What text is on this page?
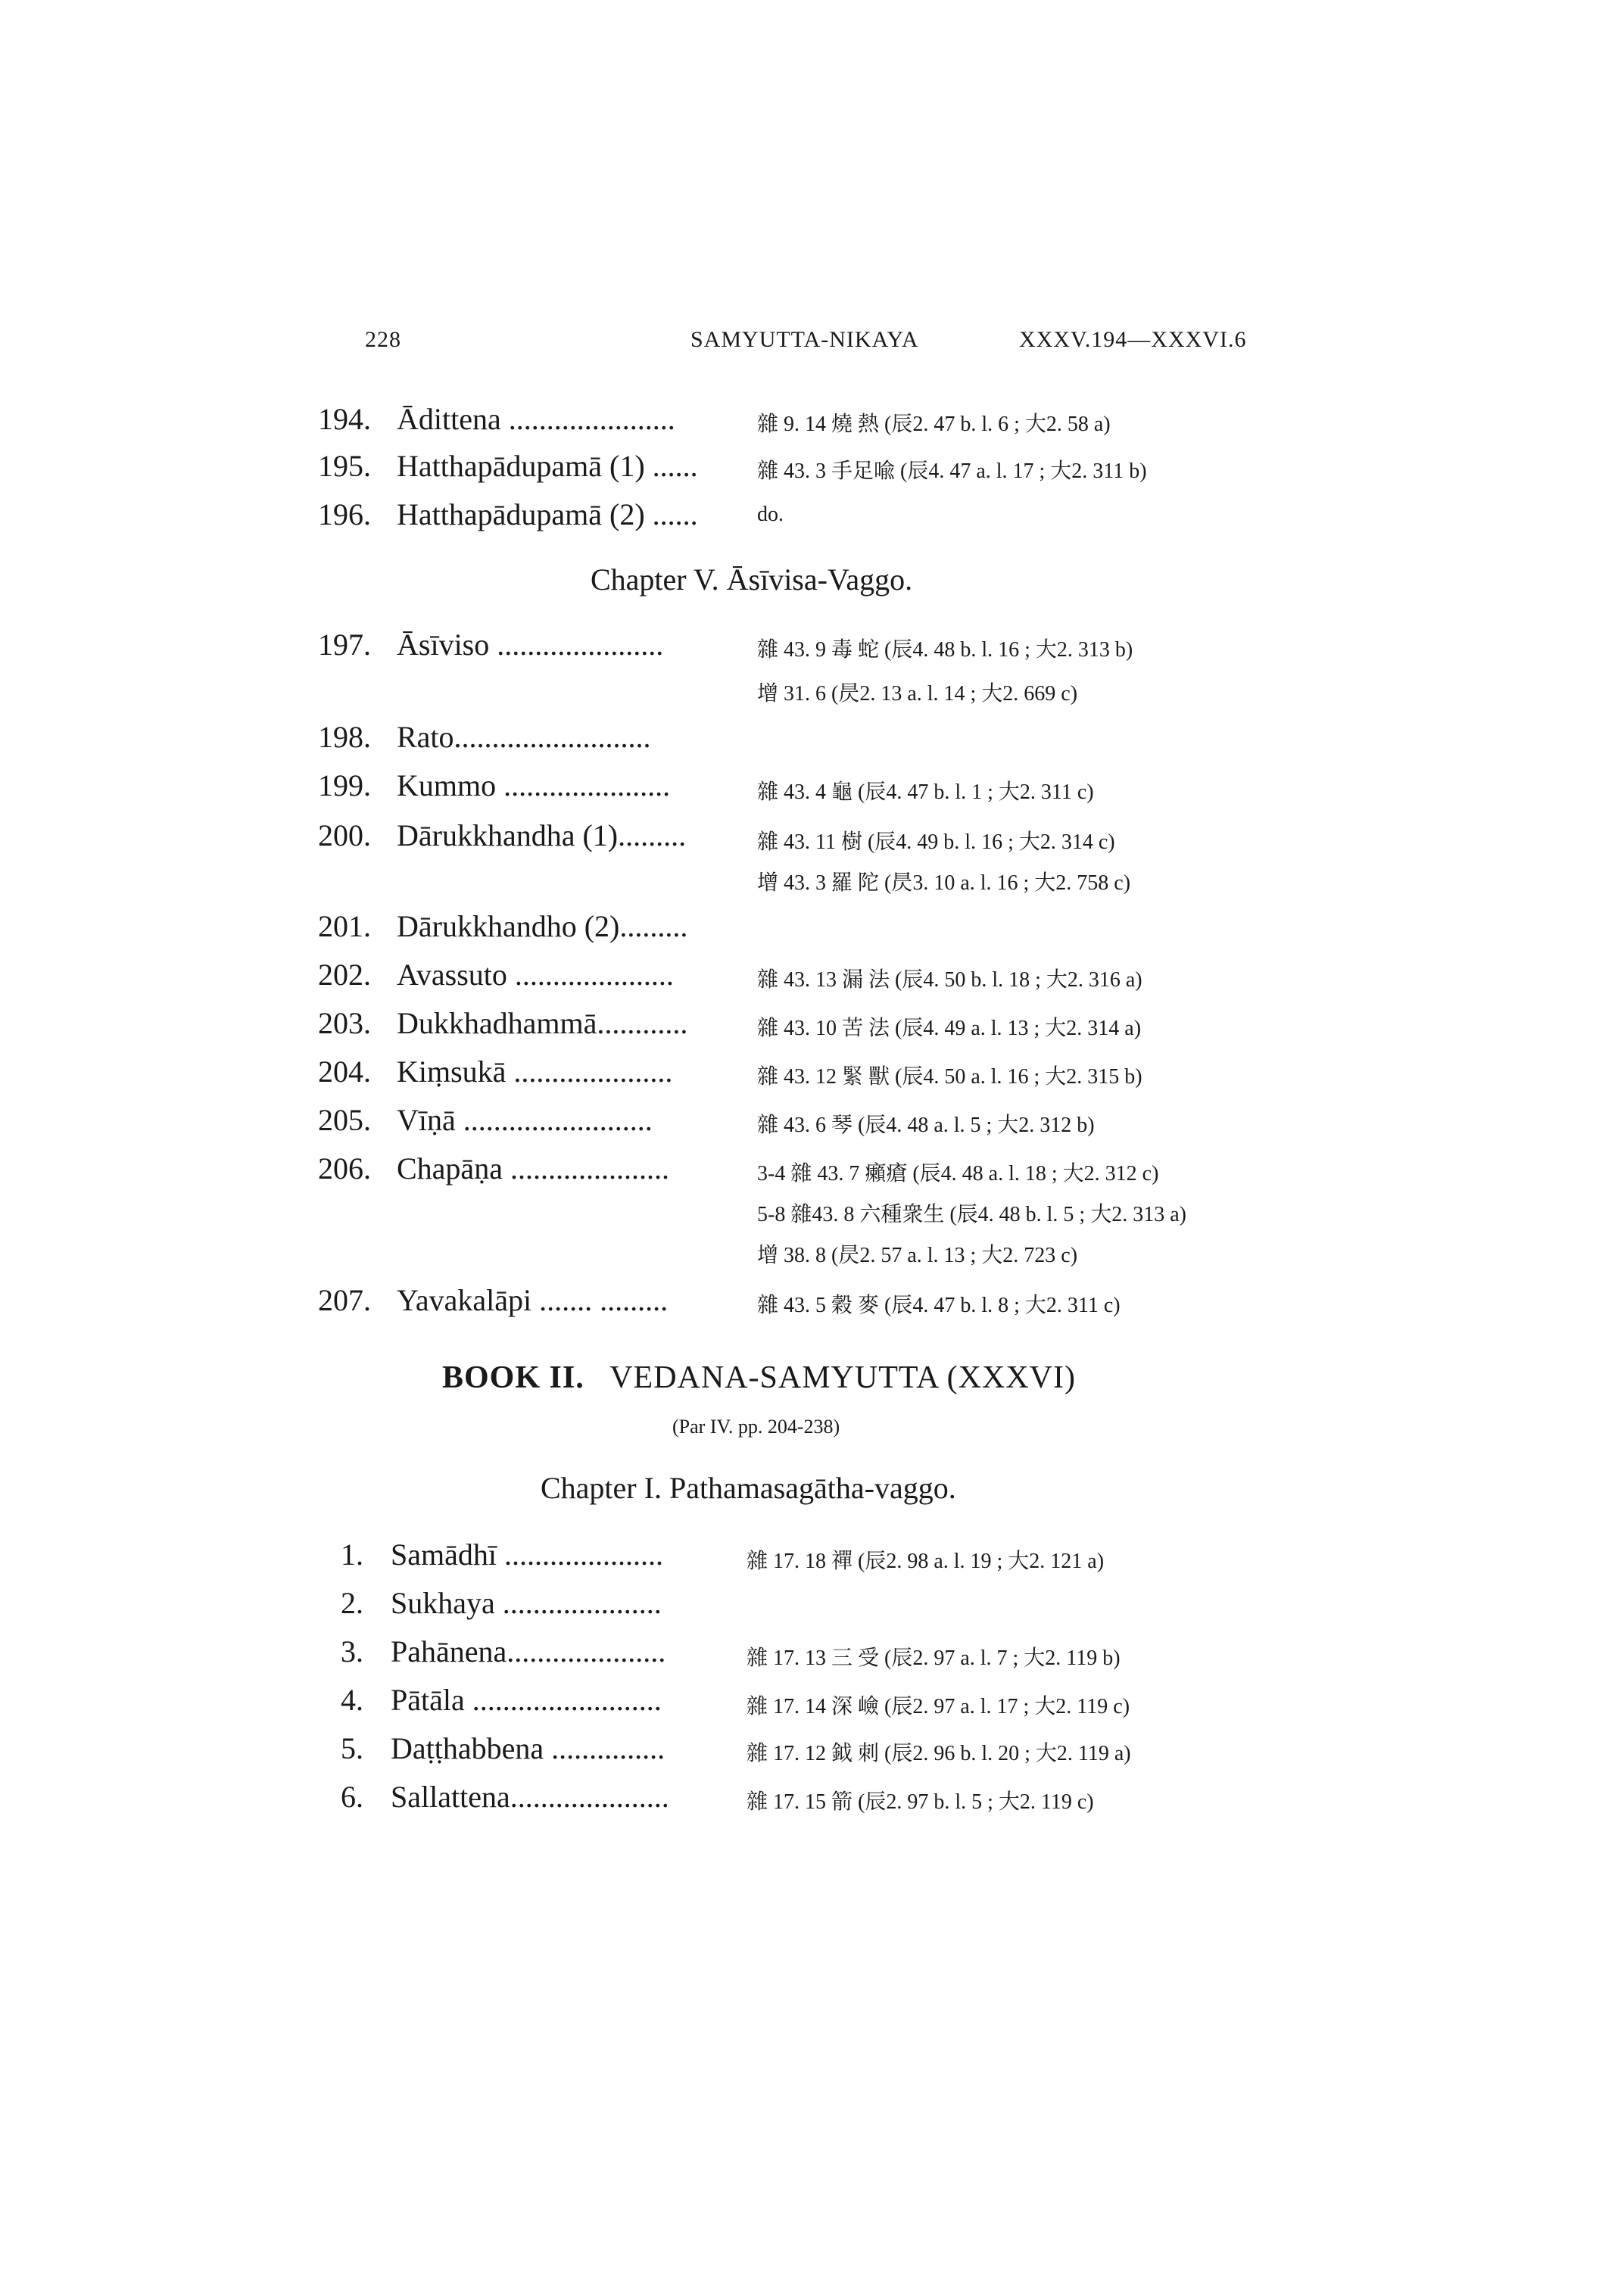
228	SAMYUTTA-NIKAYA	XXXV.194—XXXVI.6
194. Ādittena ......................	雜 9. 14 燒 熱 (辰2. 47 b. l. 6 ; 大2. 58 a)
195. Hatthapādupamā (1) ......	雜 43. 3 手足喩 (辰4. 47 a. l. 17 ; 大2. 311 b)
196. Hatthapādupamā (2) ......	do.
Chapter V. Āsīvisa-Vaggo.
197. Āsīviso ......................	雜 43. 9 毒 蛇 (辰4. 48 b. l. 16 ; 大2. 313 b)
增 31. 6 (昃2. 13 a. l. 14 ; 大2. 669 c)
198. Rato..........................
199. Kummo ......................	雜 43. 4 龜 (辰4. 47 b. l. 1 ; 大2. 311 c)
200. Dārukkhandha (1).........	雜 43. 11 樹 (辰4. 49 b. l. 16 ; 大2. 314 c)
增 43. 3 羅 陀 (昃3. 10 a. l. 16 ; 大2. 758 c)
201. Dārukkhandho (2).........
202. Avassuto .....................	雜 43. 13 漏 法 (辰4. 50 b. l. 18 ; 大2. 316 a)
203. Dukkhadhammā............	雜 43. 10 苦 法 (辰4. 49 a. l. 13 ; 大2. 314 a)
204. Kiṃsukā .....................	雜 43. 12 緊 獸 (辰4. 50 a. l. 16 ; 大2. 315 b)
205. Vīṇā .........................	雜 43. 6 琴 (辰4. 48 a. l. 5 ; 大2. 312 b)
206. Chapāṇa .....................	3-4 雜 43. 7 癩瘡 (辰4. 48 a. l. 18 ; 大2. 312 c)
5-8 雜43. 8 六種衆生 (辰4. 48 b. l. 5 ; 大2. 313 a)
增 38. 8 (昃2. 57 a. l. 13 ; 大2. 723 c)
207. Yavakalāpi ....... .........	雜 43. 5 穀 麥 (辰4. 47 b. l. 8 ; 大2. 311 c)
BOOK II. VEDANA-SAMYUTTA (XXXVI)
(Par IV. pp. 204-238)
Chapter I. Pathamasagātha-vaggo.
1. Samādhī .....................	雜 17. 18 禪 (辰2. 98 a. l. 19 ; 大2. 121 a)
2. Sukhaya .....................
3. Pahānena.....................	雜 17. 13 三 受 (辰2. 97 a. l. 7 ; 大2. 119 b)
4. Pātāla .........................	雜 17. 14 深 嶮 (辰2. 97 a. l. 17 ; 大2. 119 c)
5. Daṭṭhabbena ...............	雜 17. 12 鉞 刺 (辰2. 96 b. l. 20 ; 大2. 119 a)
6. Sallattena.....................	雜 17. 15 箭 (辰2. 97 b. l. 5 ; 大2. 119 c)
